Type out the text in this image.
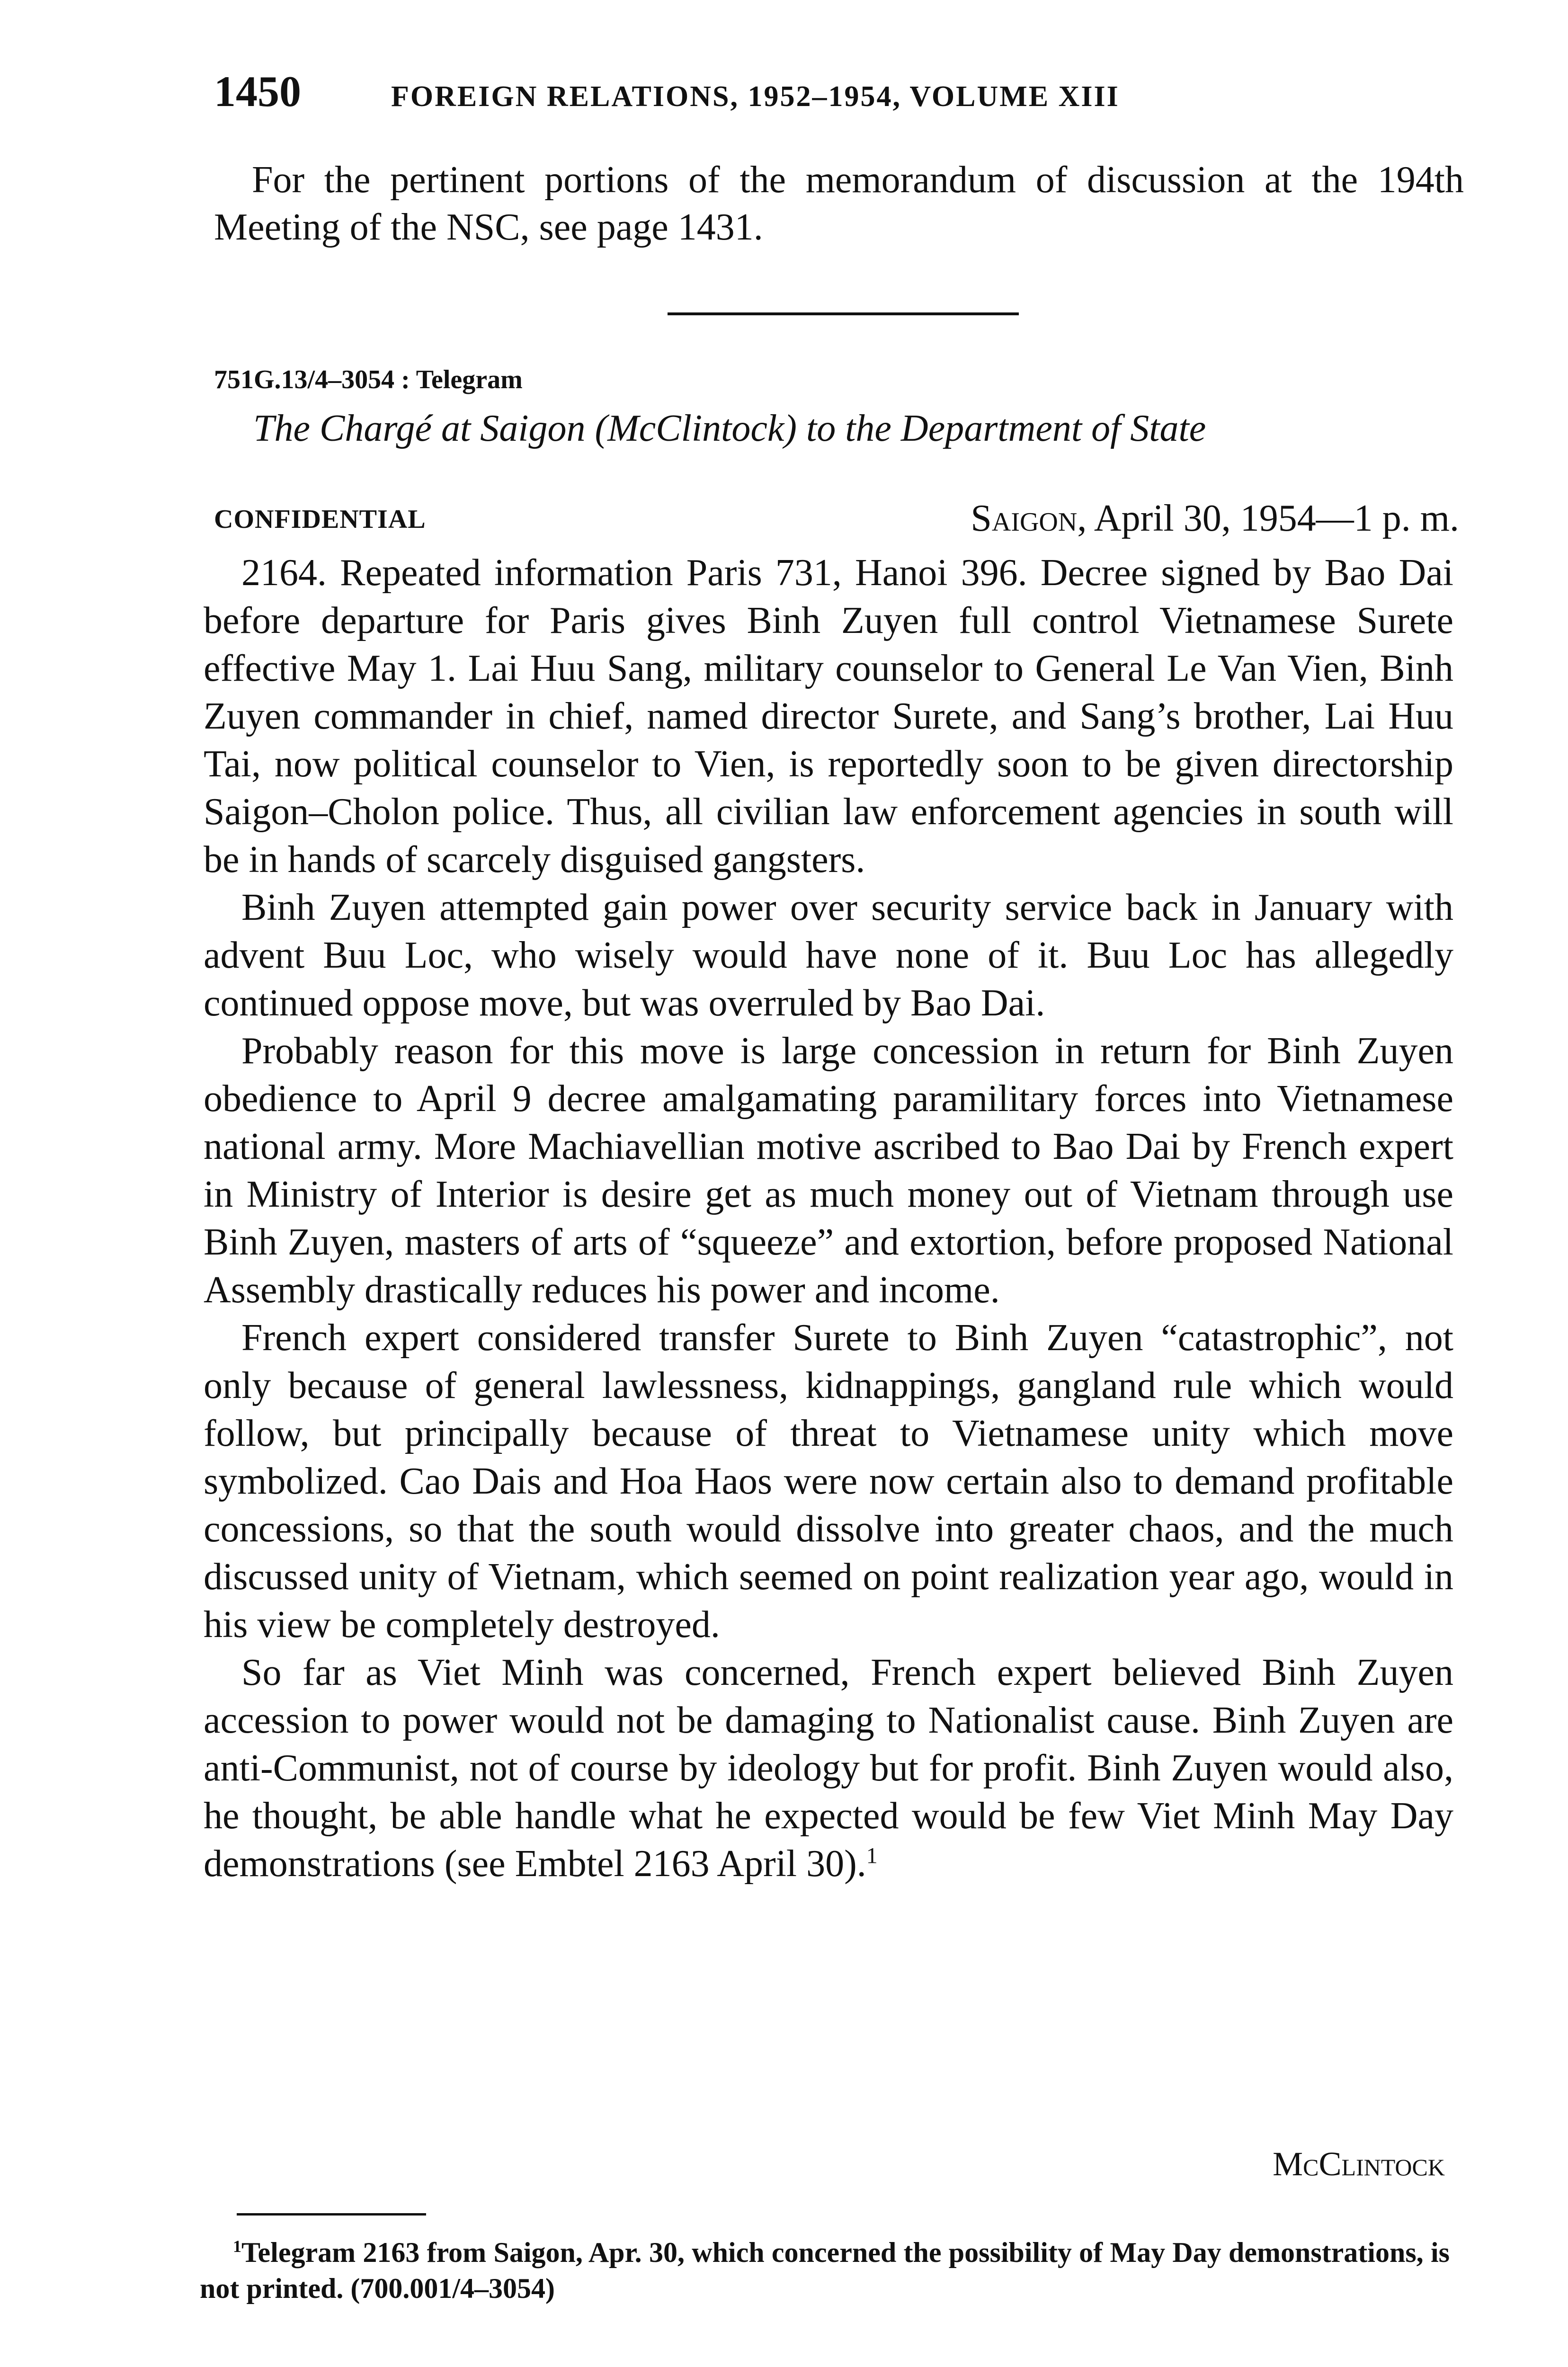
1450	FOREIGN RELATIONS, 1952–1954, VOLUME XIII

For the pertinent portions of the memorandum of discussion at the 194th Meeting of the NSC, see page 1431.

751G.13/4–3054 : Telegram
The Chargé at Saigon (McClintock) to the Department of State
CONFIDENTIAL	Saigon, April 30, 1954—1 p. m.

2164. Repeated information Paris 731, Hanoi 396. Decree signed by Bao Dai before departure for Paris gives Binh Zuyen full control Vietnamese Surete effective May 1. Lai Huu Sang, military counselor to General Le Van Vien, Binh Zuyen commander in chief, named director Surete, and Sang’s brother, Lai Huu Tai, now political counselor to Vien, is reportedly soon to be given directorship Saigon–Cholon police. Thus, all civilian law enforcement agencies in south will be in hands of scarcely disguised gangsters.

Binh Zuyen attempted gain power over security service back in January with advent Buu Loc, who wisely would have none of it. Buu Loc has allegedly continued oppose move, but was overruled by Bao Dai.

Probably reason for this move is large concession in return for Binh Zuyen obedience to April 9 decree amalgamating paramilitary forces into Vietnamese national army. More Machiavellian motive ascribed to Bao Dai by French expert in Ministry of Interior is desire get as much money out of Vietnam through use Binh Zuyen, masters of arts of “squeeze” and extortion, before proposed National Assembly drastically reduces his power and income.

French expert considered transfer Surete to Binh Zuyen “catastrophic”, not only because of general lawlessness, kidnappings, gangland rule which would follow, but principally because of threat to Vietnamese unity which move symbolized. Cao Dais and Hoa Haos were now certain also to demand profitable concessions, so that the south would dissolve into greater chaos, and the much discussed unity of Vietnam, which seemed on point realization year ago, would in his view be completely destroyed.

So far as Viet Minh was concerned, French expert believed Binh Zuyen accession to power would not be damaging to Nationalist cause. Binh Zuyen are anti-Communist, not of course by ideology but for profit. Binh Zuyen would also, he thought, be able handle what he expected would be few Viet Minh May Day demonstrations (see Embtel 2163 April 30).$^1$

McClintock

$^1$Telegram 2163 from Saigon, Apr. 30, which concerned the possibility of May Day demonstrations, is not printed. (700.001/4–3054)
